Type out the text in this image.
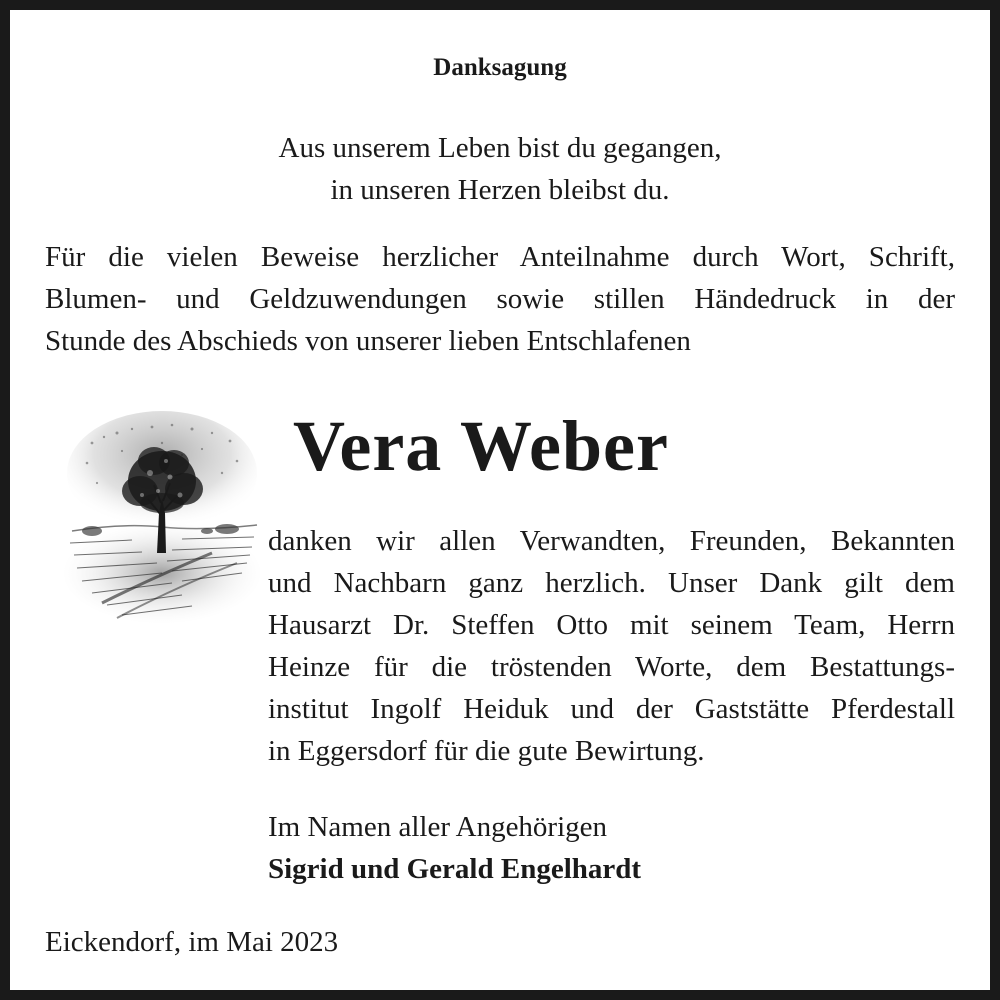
Danksagung
Aus unserem Leben bist du gegangen,
in unseren Herzen bleibst du.
Für die vielen Beweise herzlicher Anteilnahme durch Wort, Schrift,
Blumen- und Geldzuwendungen sowie stillen Händedruck in der
Stunde des Abschieds von unserer lieben Entschlafenen
Vera Weber
danken wir allen Verwandten, Freunden, Bekannten
und Nachbarn ganz herzlich. Unser Dank gilt dem
Hausarzt Dr. Steffen Otto mit seinem Team, Herrn
Heinze für die tröstenden Worte, dem Bestattungs-
institut Ingolf Heiduk und der Gaststätte Pferdestall
in Eggersdorf für die gute Bewirtung.
Im Namen aller Angehörigen
Sigrid und Gerald Engelhardt
Eickendorf, im Mai 2023
